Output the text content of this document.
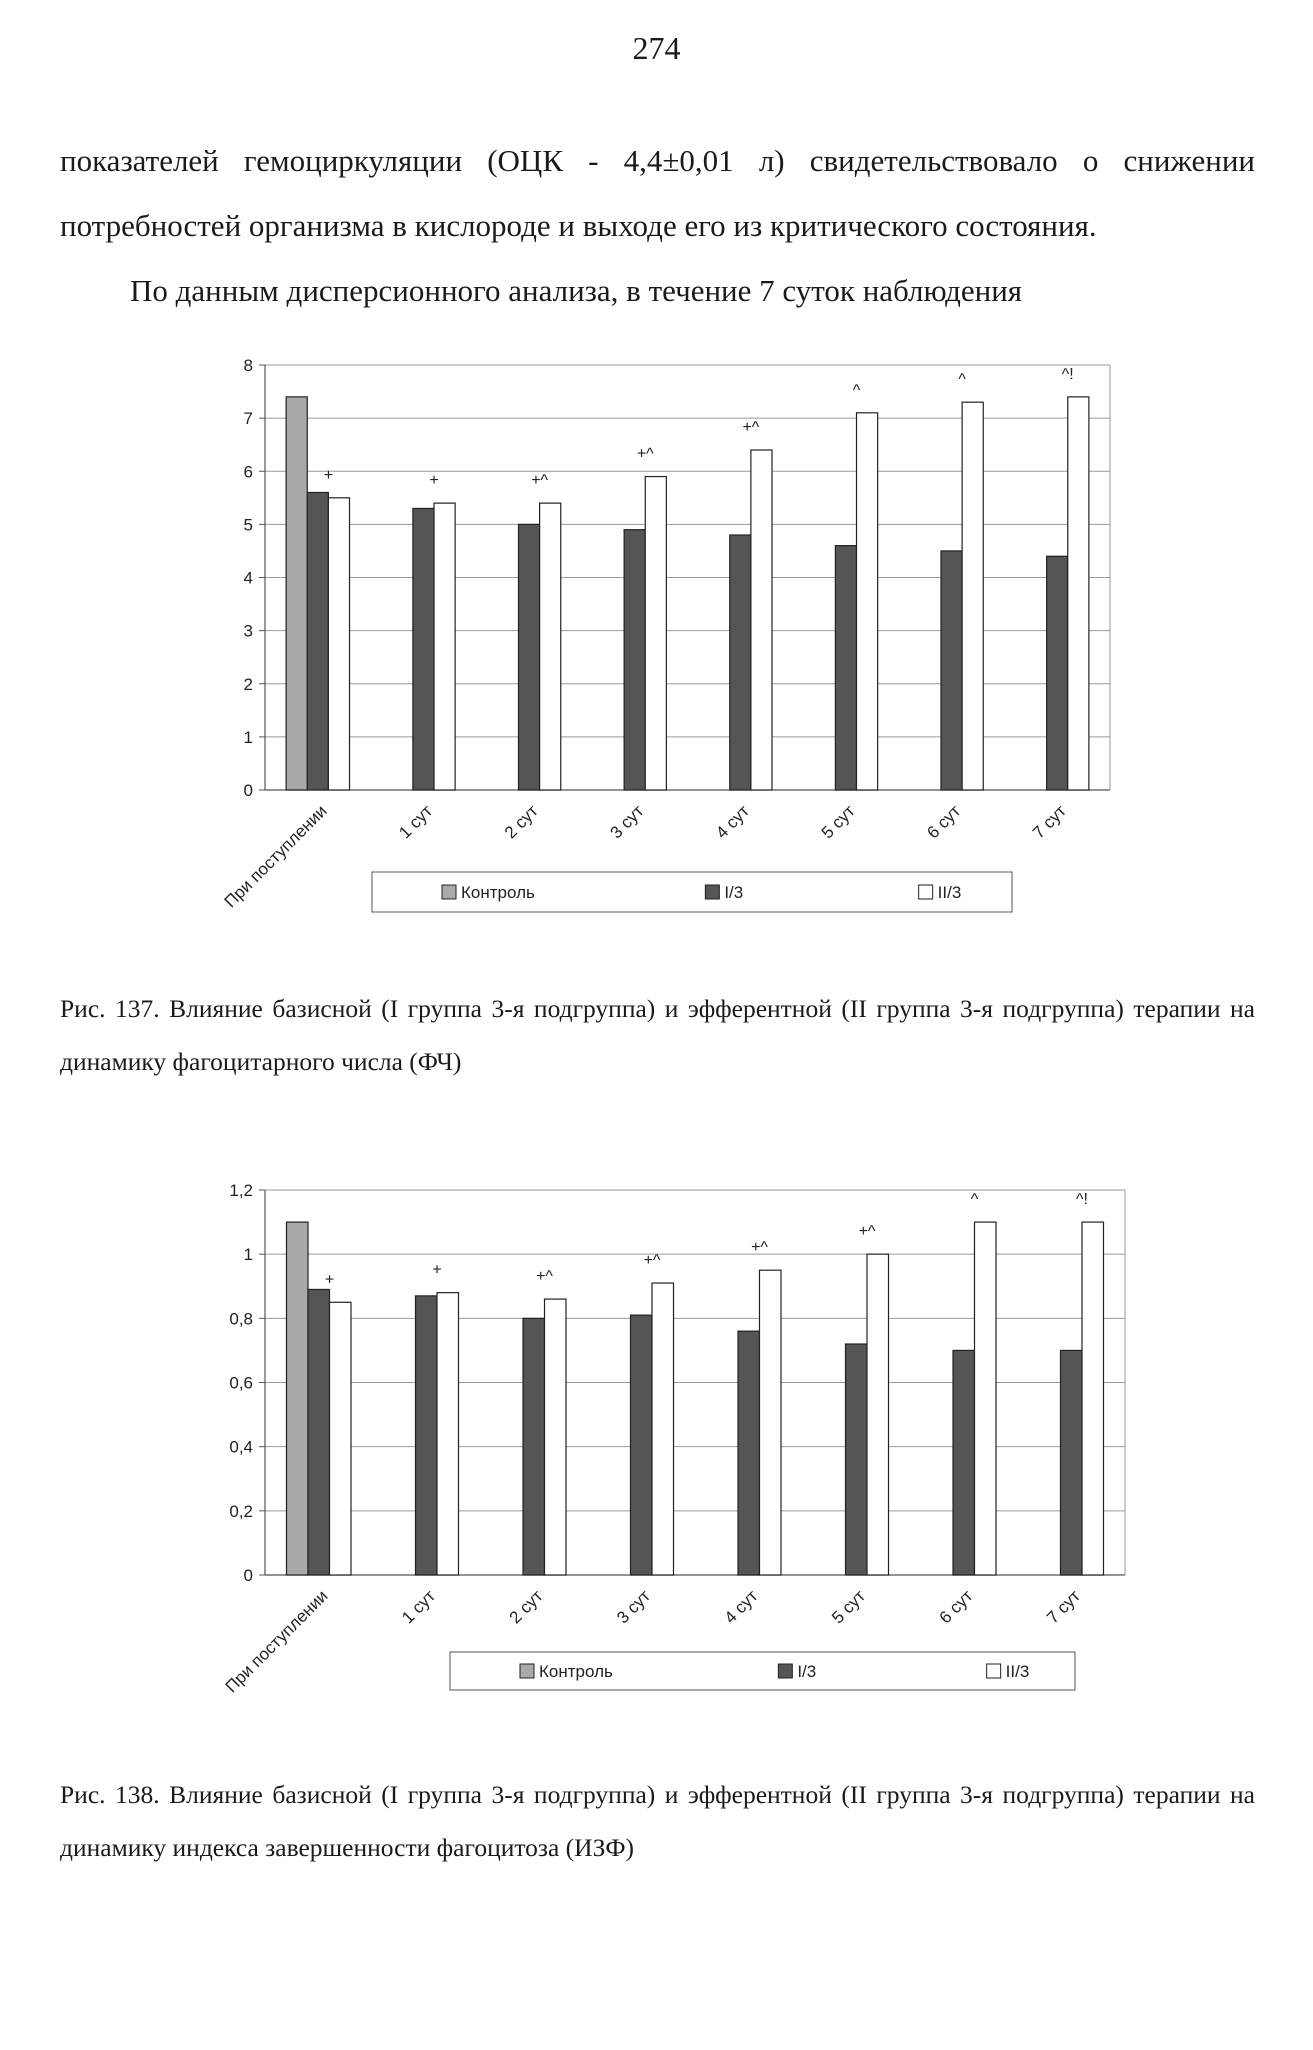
274

показателей гемоциркуляции (ОЦК - 4,4±0,01 л) свидетельствовало о снижении потребностей организма в кислороде и выходе его из критического состояния.

По данным дисперсионного анализа, в течение 7 суток наблюдения

0
1
2
3
4
5
6
7
8
+	+	+^
+^
+^
^
^	^!
При поступлении	1 сут	2 сут	3 сут	4 сут	5 сут	6 сут	7 сут
Контроль	I/3	II/3

Рис. 137. Влияние базисной (I группа 3-я подгруппа) и эфферентной (II группа 3-я подгруппа) терапии на динамику фагоцитарного числа (ФЧ)

0
0,2
0,4
0,6
0,8
1
1,2
+
+	+^
+^
+^
+^
^	^!
При поступлении	1 сут	2 сут	3 сут	4 сут	5 сут	6 сут	7 сут
Контроль	I/3	II/3

Рис. 138. Влияние базисной (I группа 3-я подгруппа) и эфферентной (II группа 3-я подгруппа) терапии на динамику индекса завершенности фагоцитоза (ИЗФ)
